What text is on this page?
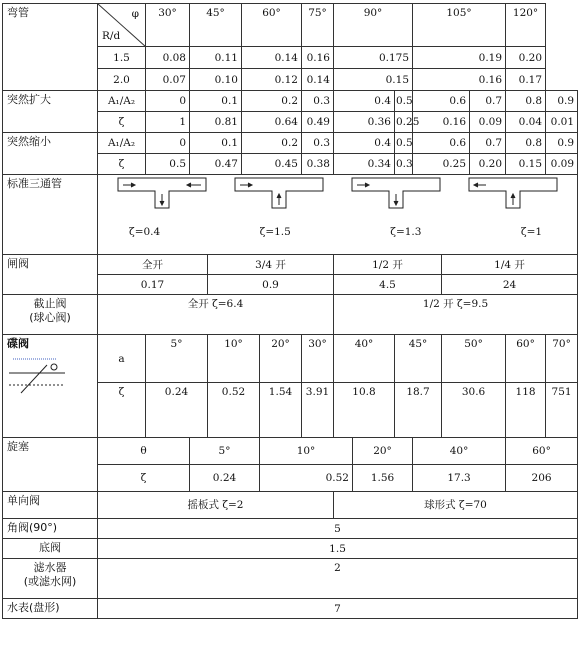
弯管	φ
R/d	30°	45°		60°		75°	90°			105°			120°		
	1.5	0.08	0.11		0.14		0.16	0.175			0.19			0.20		
	2.0	0.07	0.10		0.12		0.14	0.15			0.16			0.17		
突然扩大	A₁/A₂	0	0.1		0.2		0.3	0.4		0.5	0.6		0.7	0.8	0.9	
	ζ	1	0.81		0.64		0.49	0.36		0.25	0.16		0.09	0.04	0.01	
突然缩小	A₁/A₂	0	0.1		0.2		0.3	0.4		0.5	0.6		0.7	0.8	0.9	
	ζ	0.5	0.47		0.45		0.38	0.34		0.3	0.25		0.20	0.15	0.09	
标准三通管	ζ=0.4 ζ=1.5 ζ=1.3 ζ=1															

闸阀	全开			3/4 开				1/2 开				1/4 开				
	0.17			0.9				4.5				24				

截止阀
(球心阀)	全开 ζ=6.4							1/2 开 ζ=9.5								

碟阀	a	5°		10°		20°	30°	40°		45°		50°		60°	70°	
	ζ	0.24		0.52		1.54	3.91	10.8		18.7		30.6		118	751	
旋塞	θ		5°			10°			20°		40°			60°		
	ζ		0.24			0.52			1.56		17.3			206		
单向阀	摇板式 ζ=2							球形式 ζ=70								
角阀(90°)	5															
底阀	1.5															

滤水器
(或滤水网)	2															
水表(盘形)	7															
